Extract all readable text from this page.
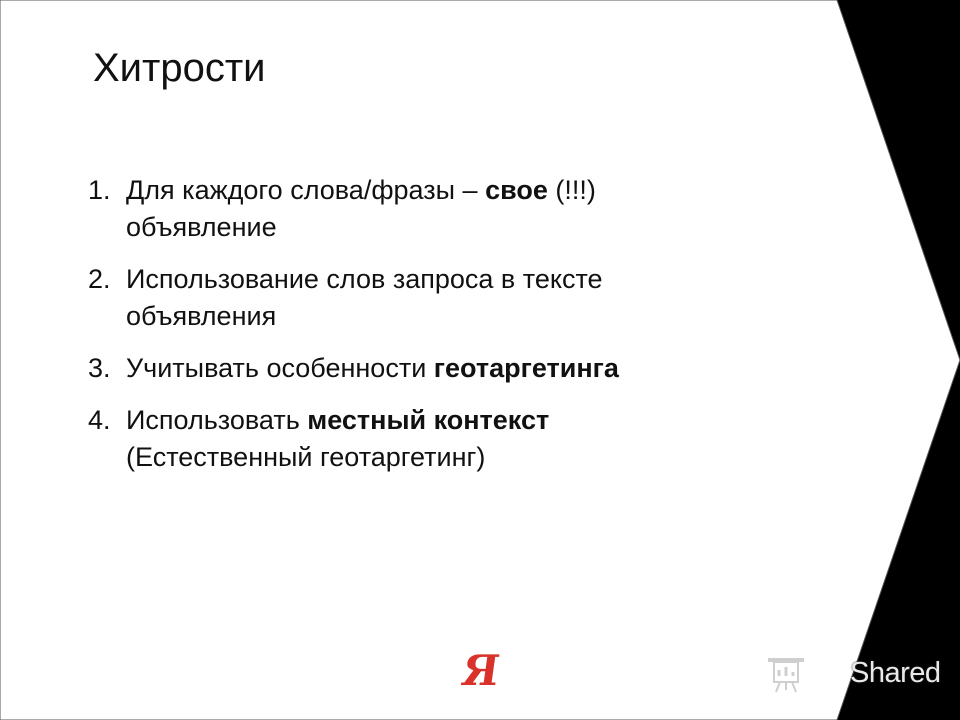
Хитрости
1. Для каждого слова/фразы – свое (!!!)
объявление
2. Использование слов запроса в тексте
объявления
3. Учитывать особенности геотаргетинга
4. Использовать местный контекст
(Естественный геотаргетинг)
Я	Shared
